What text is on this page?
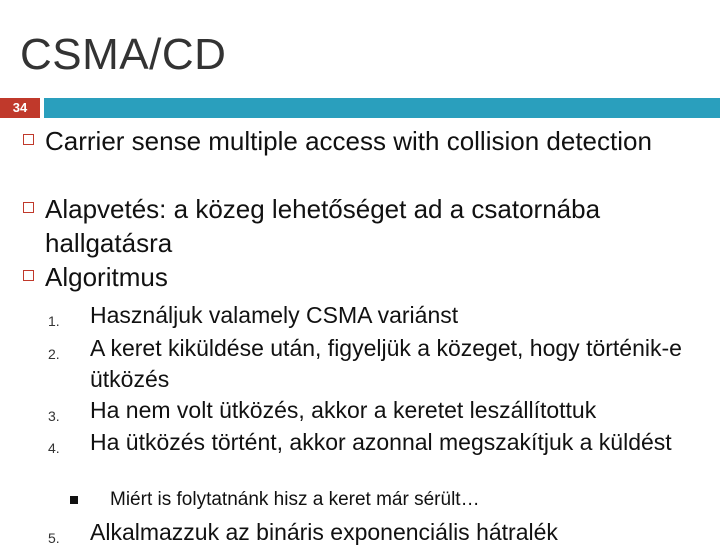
CSMA/CD
34
Carrier sense multiple access with collision detection
Alapvetés: a közeg lehetőséget ad a csatornába hallgatásra
Algoritmus
1. Használjuk valamely CSMA variánst
2. A keret kiküldése után, figyeljük a közeget, hogy történik-e ütközés
3. Ha nem volt ütközés, akkor a keretet leszállítottuk
4. Ha ütközés történt, akkor azonnal megszakítjuk a küldést
Miért is folytatnánk hisz a keret már sérült…
5. Alkalmazzuk az bináris exponenciális hátralék
